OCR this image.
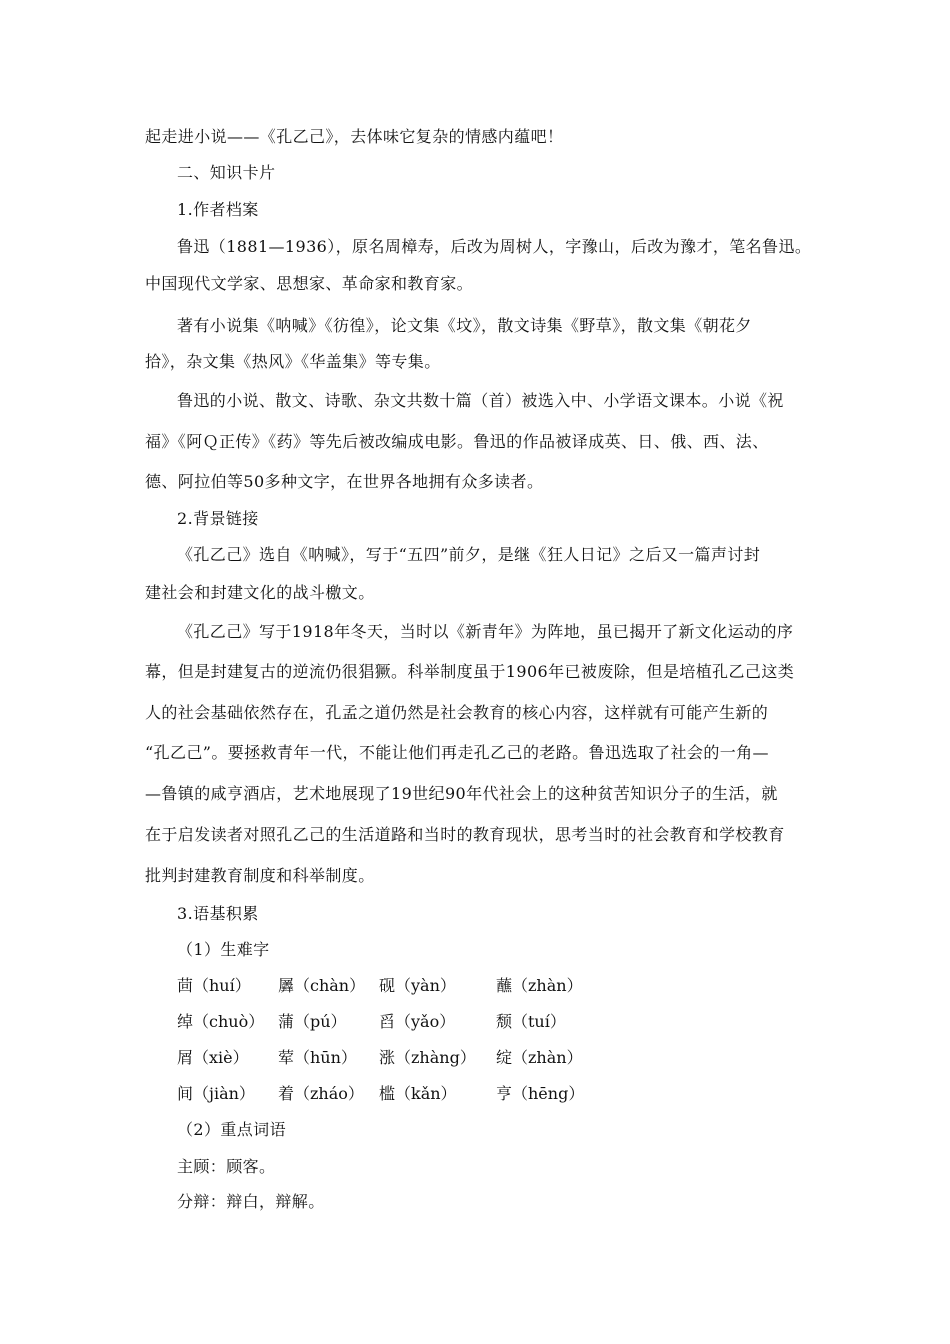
起走进小说——《孔乙己》，去体味它复杂的情感内蕴吧！
二、知识卡片
1.作者档案
鲁迅（1881—1936），原名周樟寿，后改为周树人，字豫山，后改为豫才，笔名鲁迅。
中国现代文学家、思想家、革命家和教育家。
著有小说集《呐喊》《彷徨》，论文集《坟》，散文诗集《野草》，散文集《朝花夕
拾》，杂文集《热风》《华盖集》等专集。
鲁迅的小说、散文、诗歌、杂文共数十篇（首）被选入中、小学语文课本。小说《祝
福》《阿Ｑ正传》《药》等先后被改编成电影。鲁迅的作品被译成英、日、俄、西、法、
德、阿拉伯等50多种文字，在世界各地拥有众多读者。
2.背景链接
《孔乙己》选自《呐喊》，写于“五四”前夕，是继《狂人日记》之后又一篇声讨封
建社会和封建文化的战斗檄文。
《孔乙己》写于1918年冬天，当时以《新青年》为阵地，虽已揭开了新文化运动的序
幕，但是封建复古的逆流仍很猖獗。科举制度虽于1906年已被废除，但是培植孔乙己这类
人的社会基础依然存在，孔孟之道仍然是社会教育的核心内容，这样就有可能产生新的
“孔乙己”。要拯救青年一代，不能让他们再走孔乙己的老路。鲁迅选取了社会的一角—
—鲁镇的咸亨酒店，艺术地展现了19世纪90年代社会上的这种贫苦知识分子的生活，就
在于启发读者对照孔乙己的生活道路和当时的教育现状，思考当时的社会教育和学校教育
批判封建教育制度和科举制度。
3.语基积累
（1）生难字
茴（huí） 羼（chàn） 砚（yàn）	蘸（zhàn）
绰（chuò） 蒲（pú） 舀（yǎo）	颓（tuí）
屑（xiè） 荤（hūn） 涨（zhàng） 绽（zhàn）
间（jiàn） 着（zháo） 槛（kǎn） 亨（hēng）
（2）重点词语
主顾：顾客。
分辩：辩白，辩解。
